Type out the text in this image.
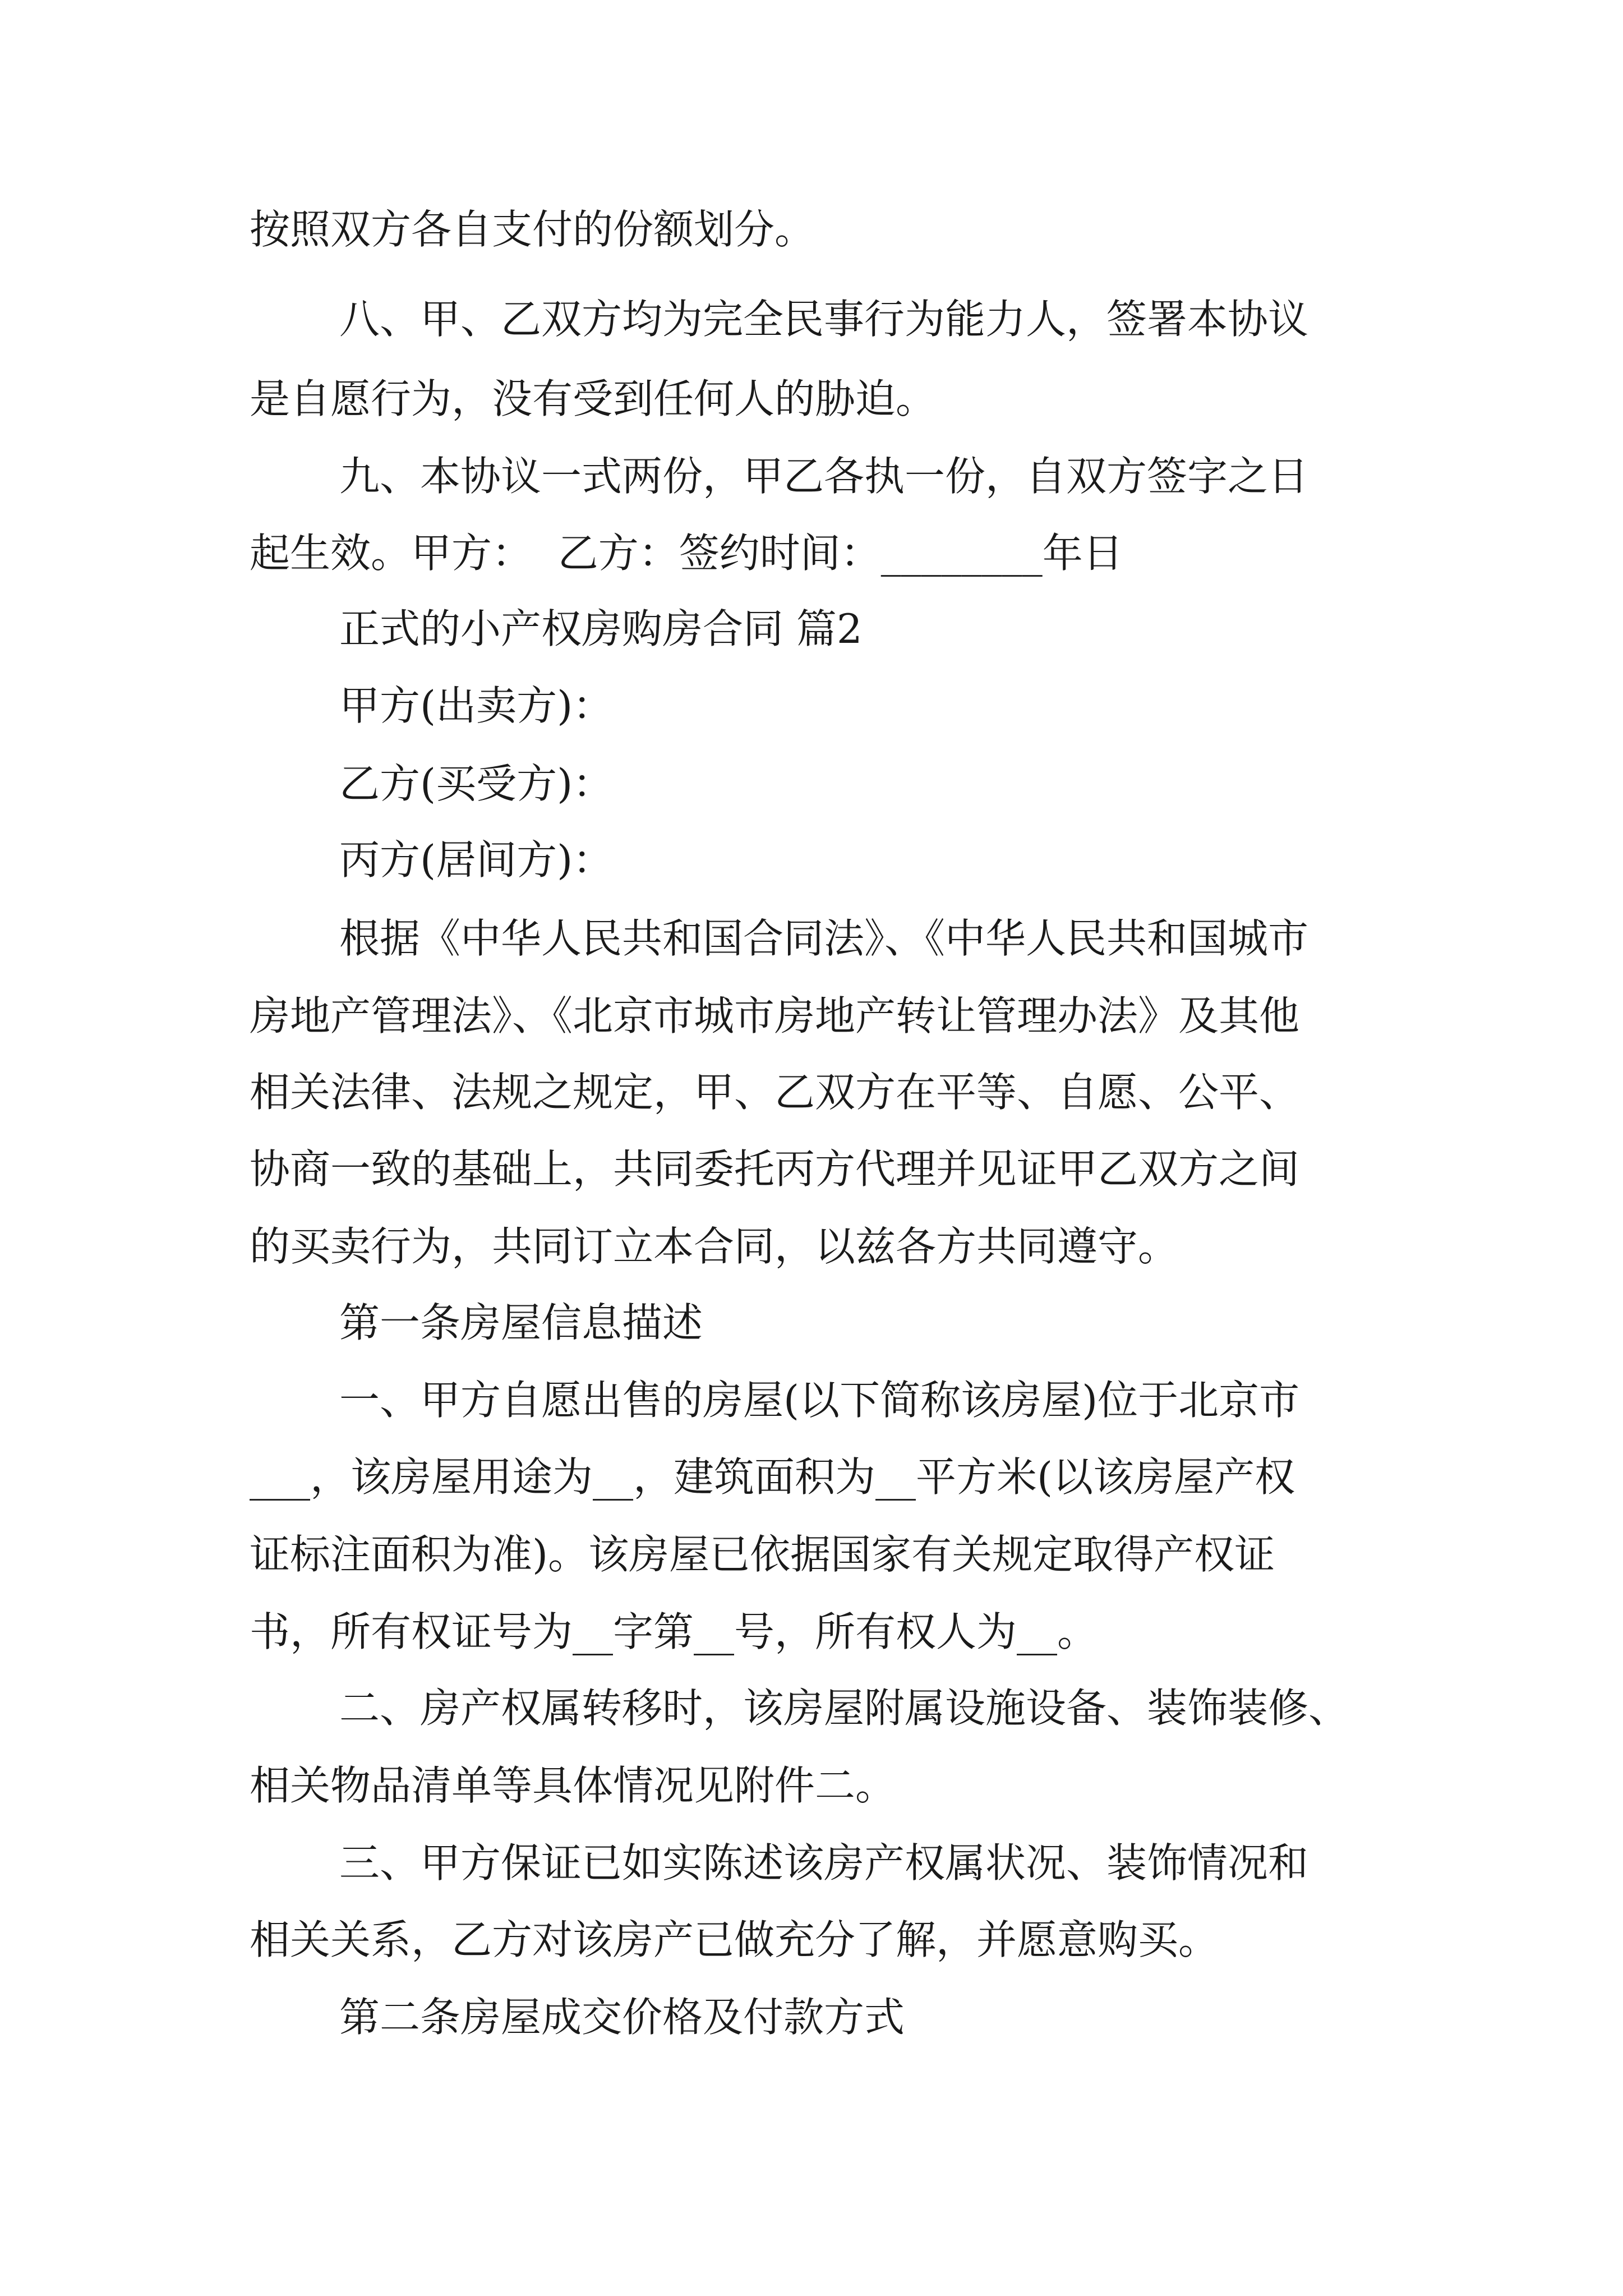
按照双方各自支付的份额划分。
八、甲、乙双方均为完全民事行为能力人，签署本协议
是自愿行为，没有受到任何人的胁迫。
九、本协议一式两份，甲乙各执一份，自双方签字之日
起生效。甲方：  乙方：签约时间：________年日
正式的小产权房购房合同 篇2
甲方(出卖方)：
乙方(买受方)：
丙方(居间方)：
根据《中华人民共和国合同法》、《中华人民共和国城市
房地产管理法》、《北京市城市房地产转让管理办法》及其他
相关法律、法规之规定，甲、乙双方在平等、自愿、公平、
协商一致的基础上，共同委托丙方代理并见证甲乙双方之间
的买卖行为，共同订立本合同，以兹各方共同遵守。
第一条房屋信息描述
一、甲方自愿出售的房屋(以下简称该房屋)位于北京市
___，该房屋用途为__，建筑面积为__平方米(以该房屋产权
证标注面积为准)。该房屋已依据国家有关规定取得产权证
书，所有权证号为__字第__号，所有权人为__。
二、房产权属转移时，该房屋附属设施设备、装饰装修、
相关物品清单等具体情况见附件二。
三、甲方保证已如实陈述该房产权属状况、装饰情况和
相关关系，乙方对该房产已做充分了解，并愿意购买。
第二条房屋成交价格及付款方式
